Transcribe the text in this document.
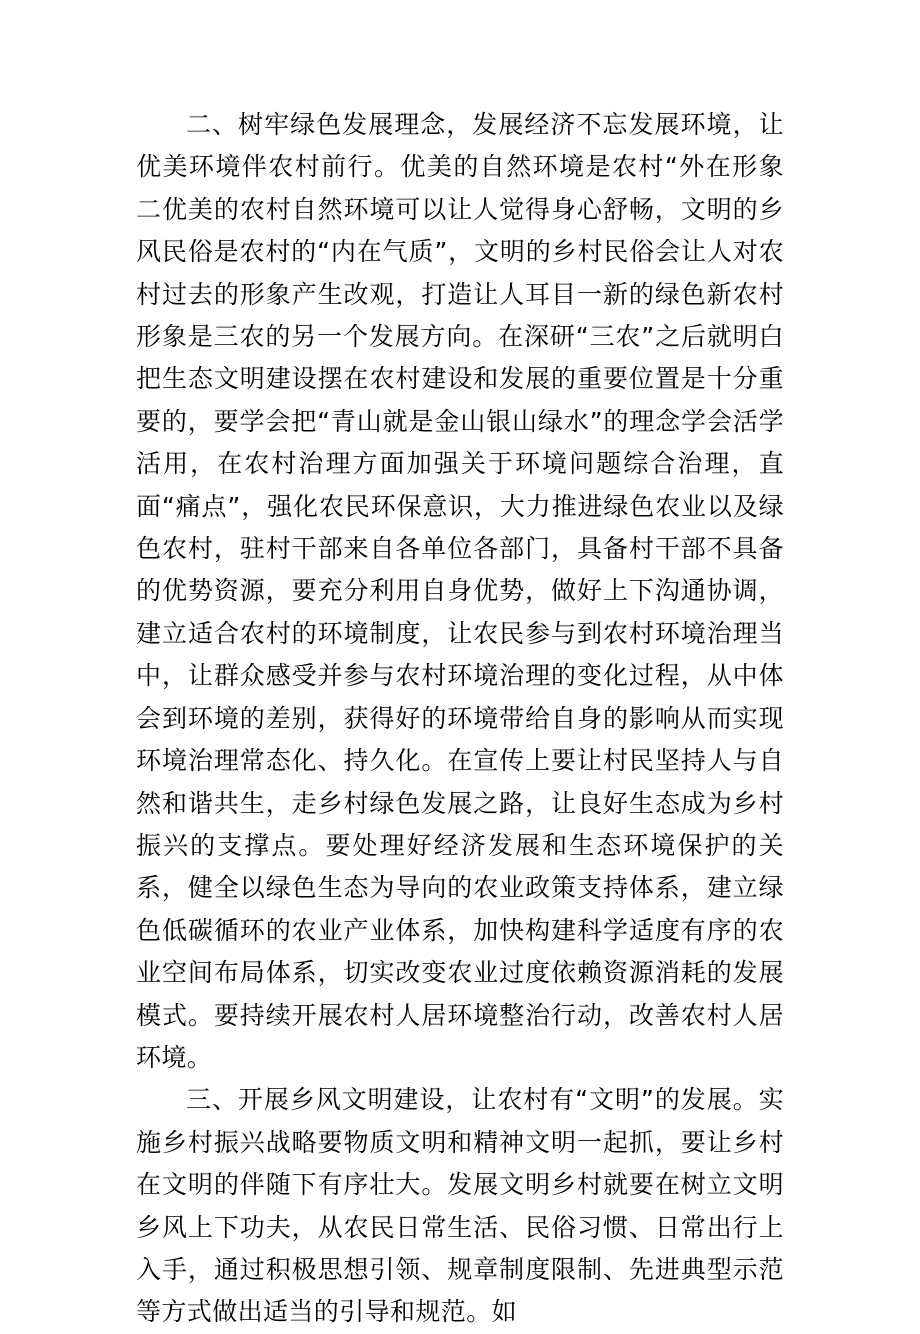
二、树牢绿色发展理念，发展经济不忘发展环境，让优美环境伴农村前行。优美的自然环境是农村“外在形象二优美的农村自然环境可以让人觉得身心舒畅，文明的乡风民俗是农村的“内在气质”，文明的乡村民俗会让人对农村过去的形象产生改观，打造让人耳目一新的绿色新农村形象是三农的另一个发展方向。在深研“三农”之后就明白把生态文明建设摆在农村建设和发展的重要位置是十分重要的，要学会把“青山就是金山银山绿水”的理念学会活学活用，在农村治理方面加强关于环境问题综合治理，直面“痛点”，强化农民环保意识，大力推进绿色农业以及绿色农村，驻村干部来自各单位各部门，具备村干部不具备的优势资源，要充分利用自身优势，做好上下沟通协调，建立适合农村的环境制度，让农民参与到农村环境治理当中，让群众感受并参与农村环境治理的变化过程，从中体会到环境的差别，获得好的环境带给自身的影响从而实现环境治理常态化、持久化。在宣传上要让村民坚持人与自然和谐共生，走乡村绿色发展之路，让良好生态成为乡村振兴的支撑点。要处理好经济发展和生态环境保护的关系，健全以绿色生态为导向的农业政策支持体系，建立绿色低碳循环的农业产业体系，加快构建科学适度有序的农业空间布局体系，切实改变农业过度依赖资源消耗的发展模式。要持续开展农村人居环境整治行动，改善农村人居环境。

三、开展乡风文明建设，让农村有“文明”的发展。实施乡村振兴战略要物质文明和精神文明一起抓，要让乡村在文明的伴随下有序壮大。发展文明乡村就要在树立文明乡风上下功夫，从农民日常生活、民俗习惯、日常出行上入手，通过积极思想引领、规章制度限制、先进典型示范等方式做出适当的引导和规范。如
